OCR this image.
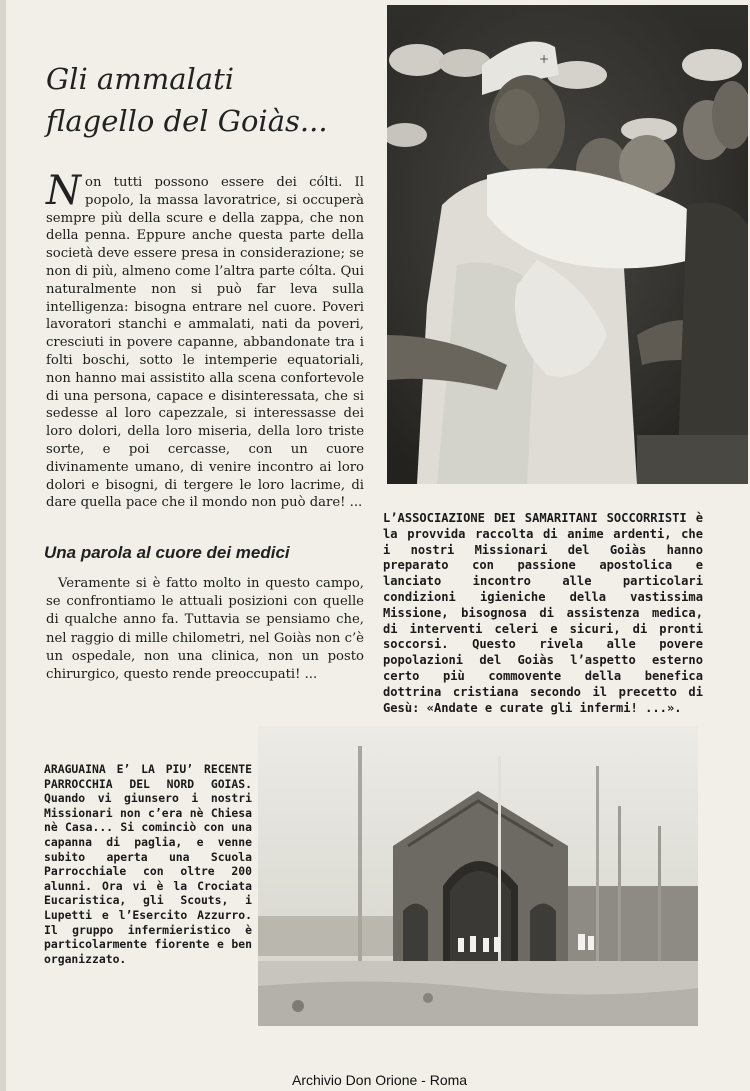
Gli ammalati
flagello del Goiàs...

Non tutti possono essere dei cólti. Il popolo, la massa lavoratrice, si occuperà sempre più della scure e della zappa, che non della penna. Eppure anche questa parte della società deve essere presa in considerazione; se non di più, almeno come l’altra parte cólta. Qui naturalmente non si può far leva sulla intelligenza: bisogna entrare nel cuore. Poveri lavoratori stanchi e ammalati, nati da poveri, cresciuti in povere capanne, abbandonate tra i folti boschi, sotto le intemperie equatoriali, non hanno mai assistito alla scena confortevole di una persona, capace e disinteressata, che si sedesse al loro capezzale, si interessasse dei loro dolori, della loro miseria, della loro triste sorte, e poi cercasse, con un cuore divinamente umano, di venire incontro ai loro dolori e bisogni, di tergere le loro lacrime, di dare quella pace che il mondo non può dare! ...

Una parola al cuore dei medici

Veramente si è fatto molto in questo campo, se confrontiamo le attuali posizioni con quelle di qualche anno fa. Tuttavia se pensiamo che, nel raggio di mille chilometri, nel Goiàs non c’è un ospedale, non una clinica, non un posto chirurgico, questo rende preoccupati! ...

+

L’ASSOCIAZIONE DEI SAMARITANI SOCCORRISTI è la provvida raccolta di anime ardenti, che i nostri Missionari del Goiàs hanno preparato con passione apostolica e lanciato incontro alle particolari condizioni igieniche della vastissima Missione, bisognosa di assistenza medica, di interventi celeri e sicuri, di pronti soccorsi. Questo rivela alle povere popolazioni del Goiàs l’aspetto esterno certo più commovente della benefica dottrina cristiana secondo il precetto di Gesù: «Andate e curate gli infermi! ...».

ARAGUAINA E’ LA PIU’ RECENTE PARROCCHIA DEL NORD GOIAS. Quando vi giunsero i nostri Missionari non c’era nè Chiesa nè Casa... Si cominciò con una capanna di paglia, e venne subito aperta una Scuola Parrocchiale con oltre 200 alunni. Ora vi è la Crociata Eucaristica, gli Scouts, i Lupetti e l’Esercito Azzurro. Il gruppo infermieristico è particolarmente fiorente e ben organizzato.

Archivio Don Orione - Roma
